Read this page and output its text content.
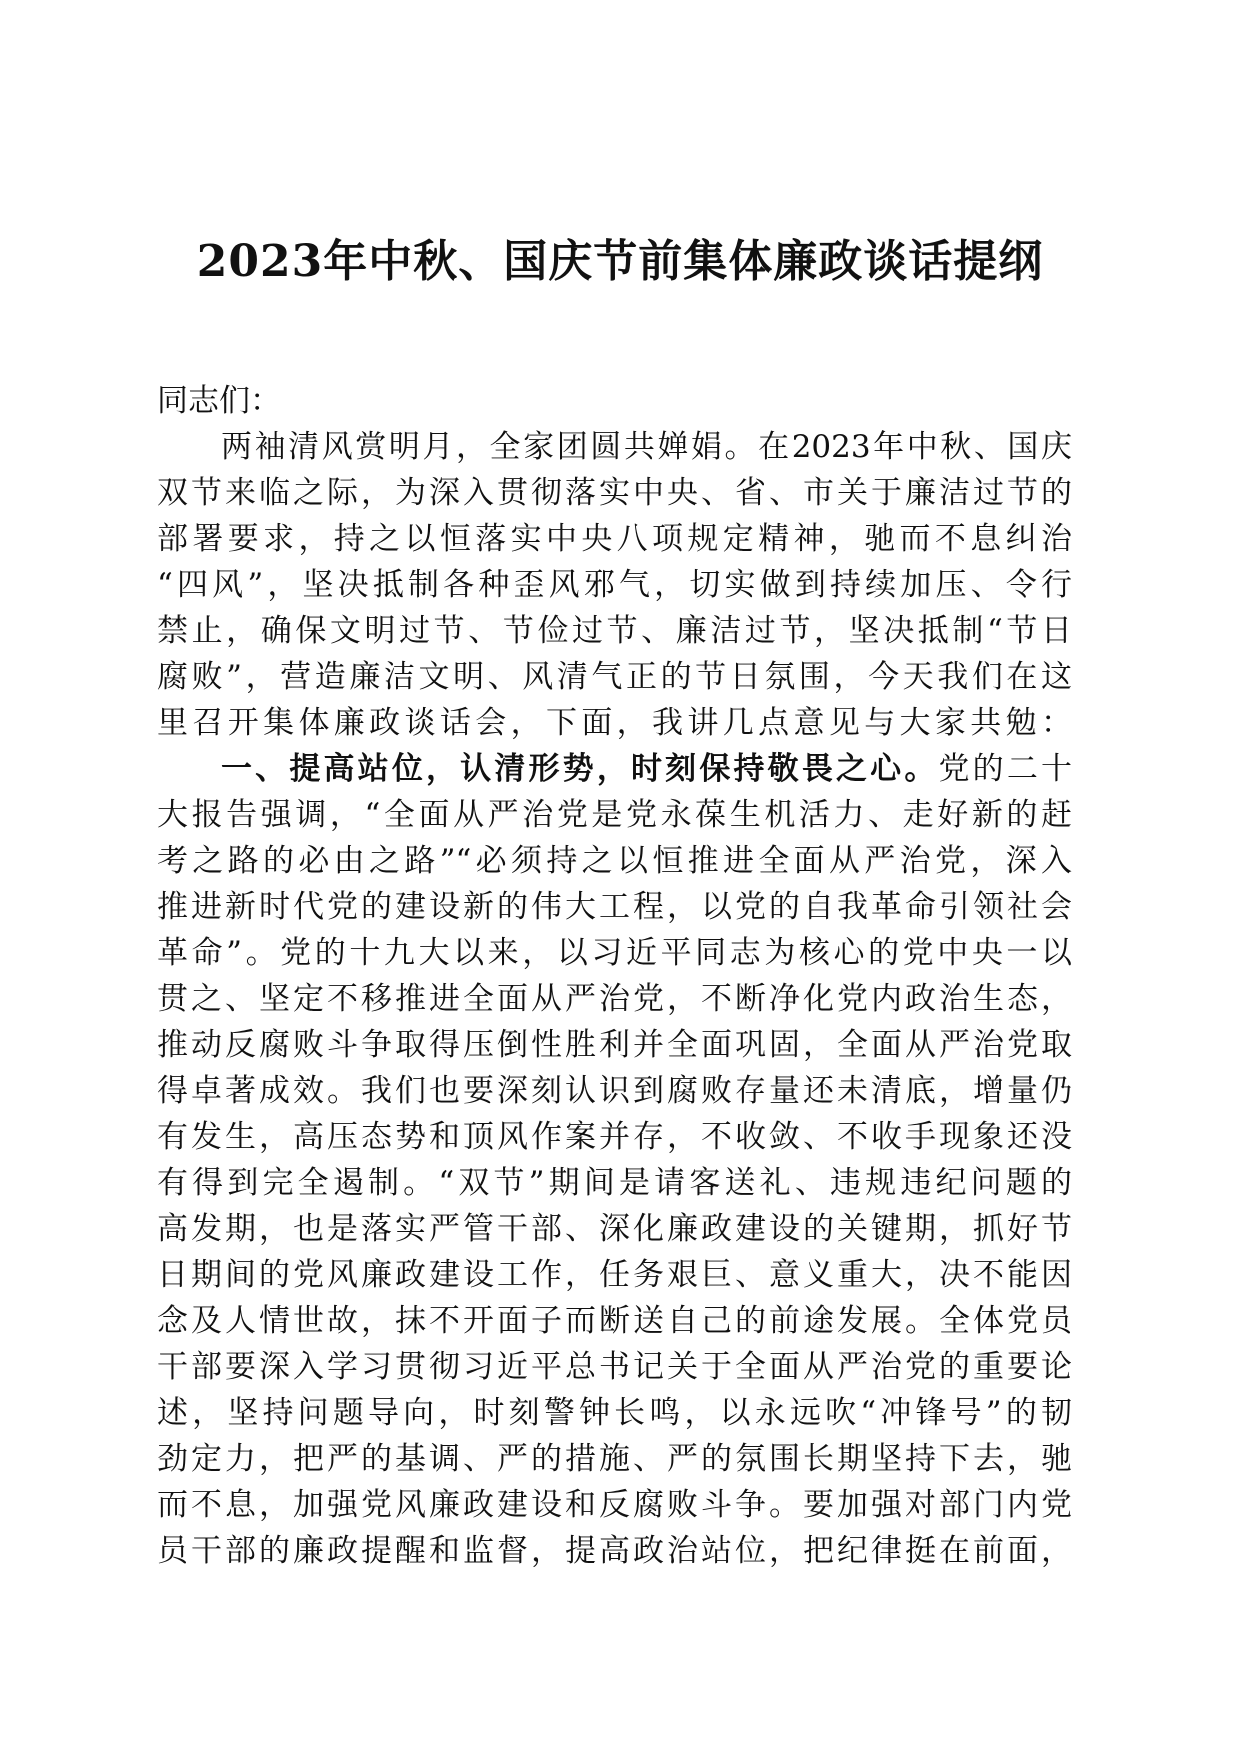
2023年中秋、国庆节前集体廉政谈话提纲
同志们：
两袖清风赏明月，全家团圆共婵娟。在2023年中秋、国庆
双节来临之际，为深入贯彻落实中央、省、市关于廉洁过节的
部署要求，持之以恒落实中央八项规定精神，驰而不息纠治
“四风”，坚决抵制各种歪风邪气，切实做到持续加压、令行
禁止，确保文明过节、节俭过节、廉洁过节，坚决抵制“节日
腐败”，营造廉洁文明、风清气正的节日氛围，今天我们在这
里召开集体廉政谈话会，下面，我讲几点意见与大家共勉：
一、提高站位，认清形势，时刻保持敬畏之心。党的二十
大报告强调，“全面从严治党是党永葆生机活力、走好新的赶
考之路的必由之路”“必须持之以恒推进全面从严治党，深入
推进新时代党的建设新的伟大工程，以党的自我革命引领社会
革命”。党的十九大以来，以习近平同志为核心的党中央一以
贯之、坚定不移推进全面从严治党，不断净化党内政治生态，
推动反腐败斗争取得压倒性胜利并全面巩固，全面从严治党取
得卓著成效。我们也要深刻认识到腐败存量还未清底，增量仍
有发生，高压态势和顶风作案并存，不收敛、不收手现象还没
有得到完全遏制。“双节”期间是请客送礼、违规违纪问题的
高发期，也是落实严管干部、深化廉政建设的关键期，抓好节
日期间的党风廉政建设工作，任务艰巨、意义重大，决不能因
念及人情世故，抹不开面子而断送自己的前途发展。全体党员
干部要深入学习贯彻习近平总书记关于全面从严治党的重要论
述，坚持问题导向，时刻警钟长鸣，以永远吹“冲锋号”的韧
劲定力，把严的基调、严的措施、严的氛围长期坚持下去，驰
而不息，加强党风廉政建设和反腐败斗争。要加强对部门内党
员干部的廉政提醒和监督，提高政治站位，把纪律挺在前面，
